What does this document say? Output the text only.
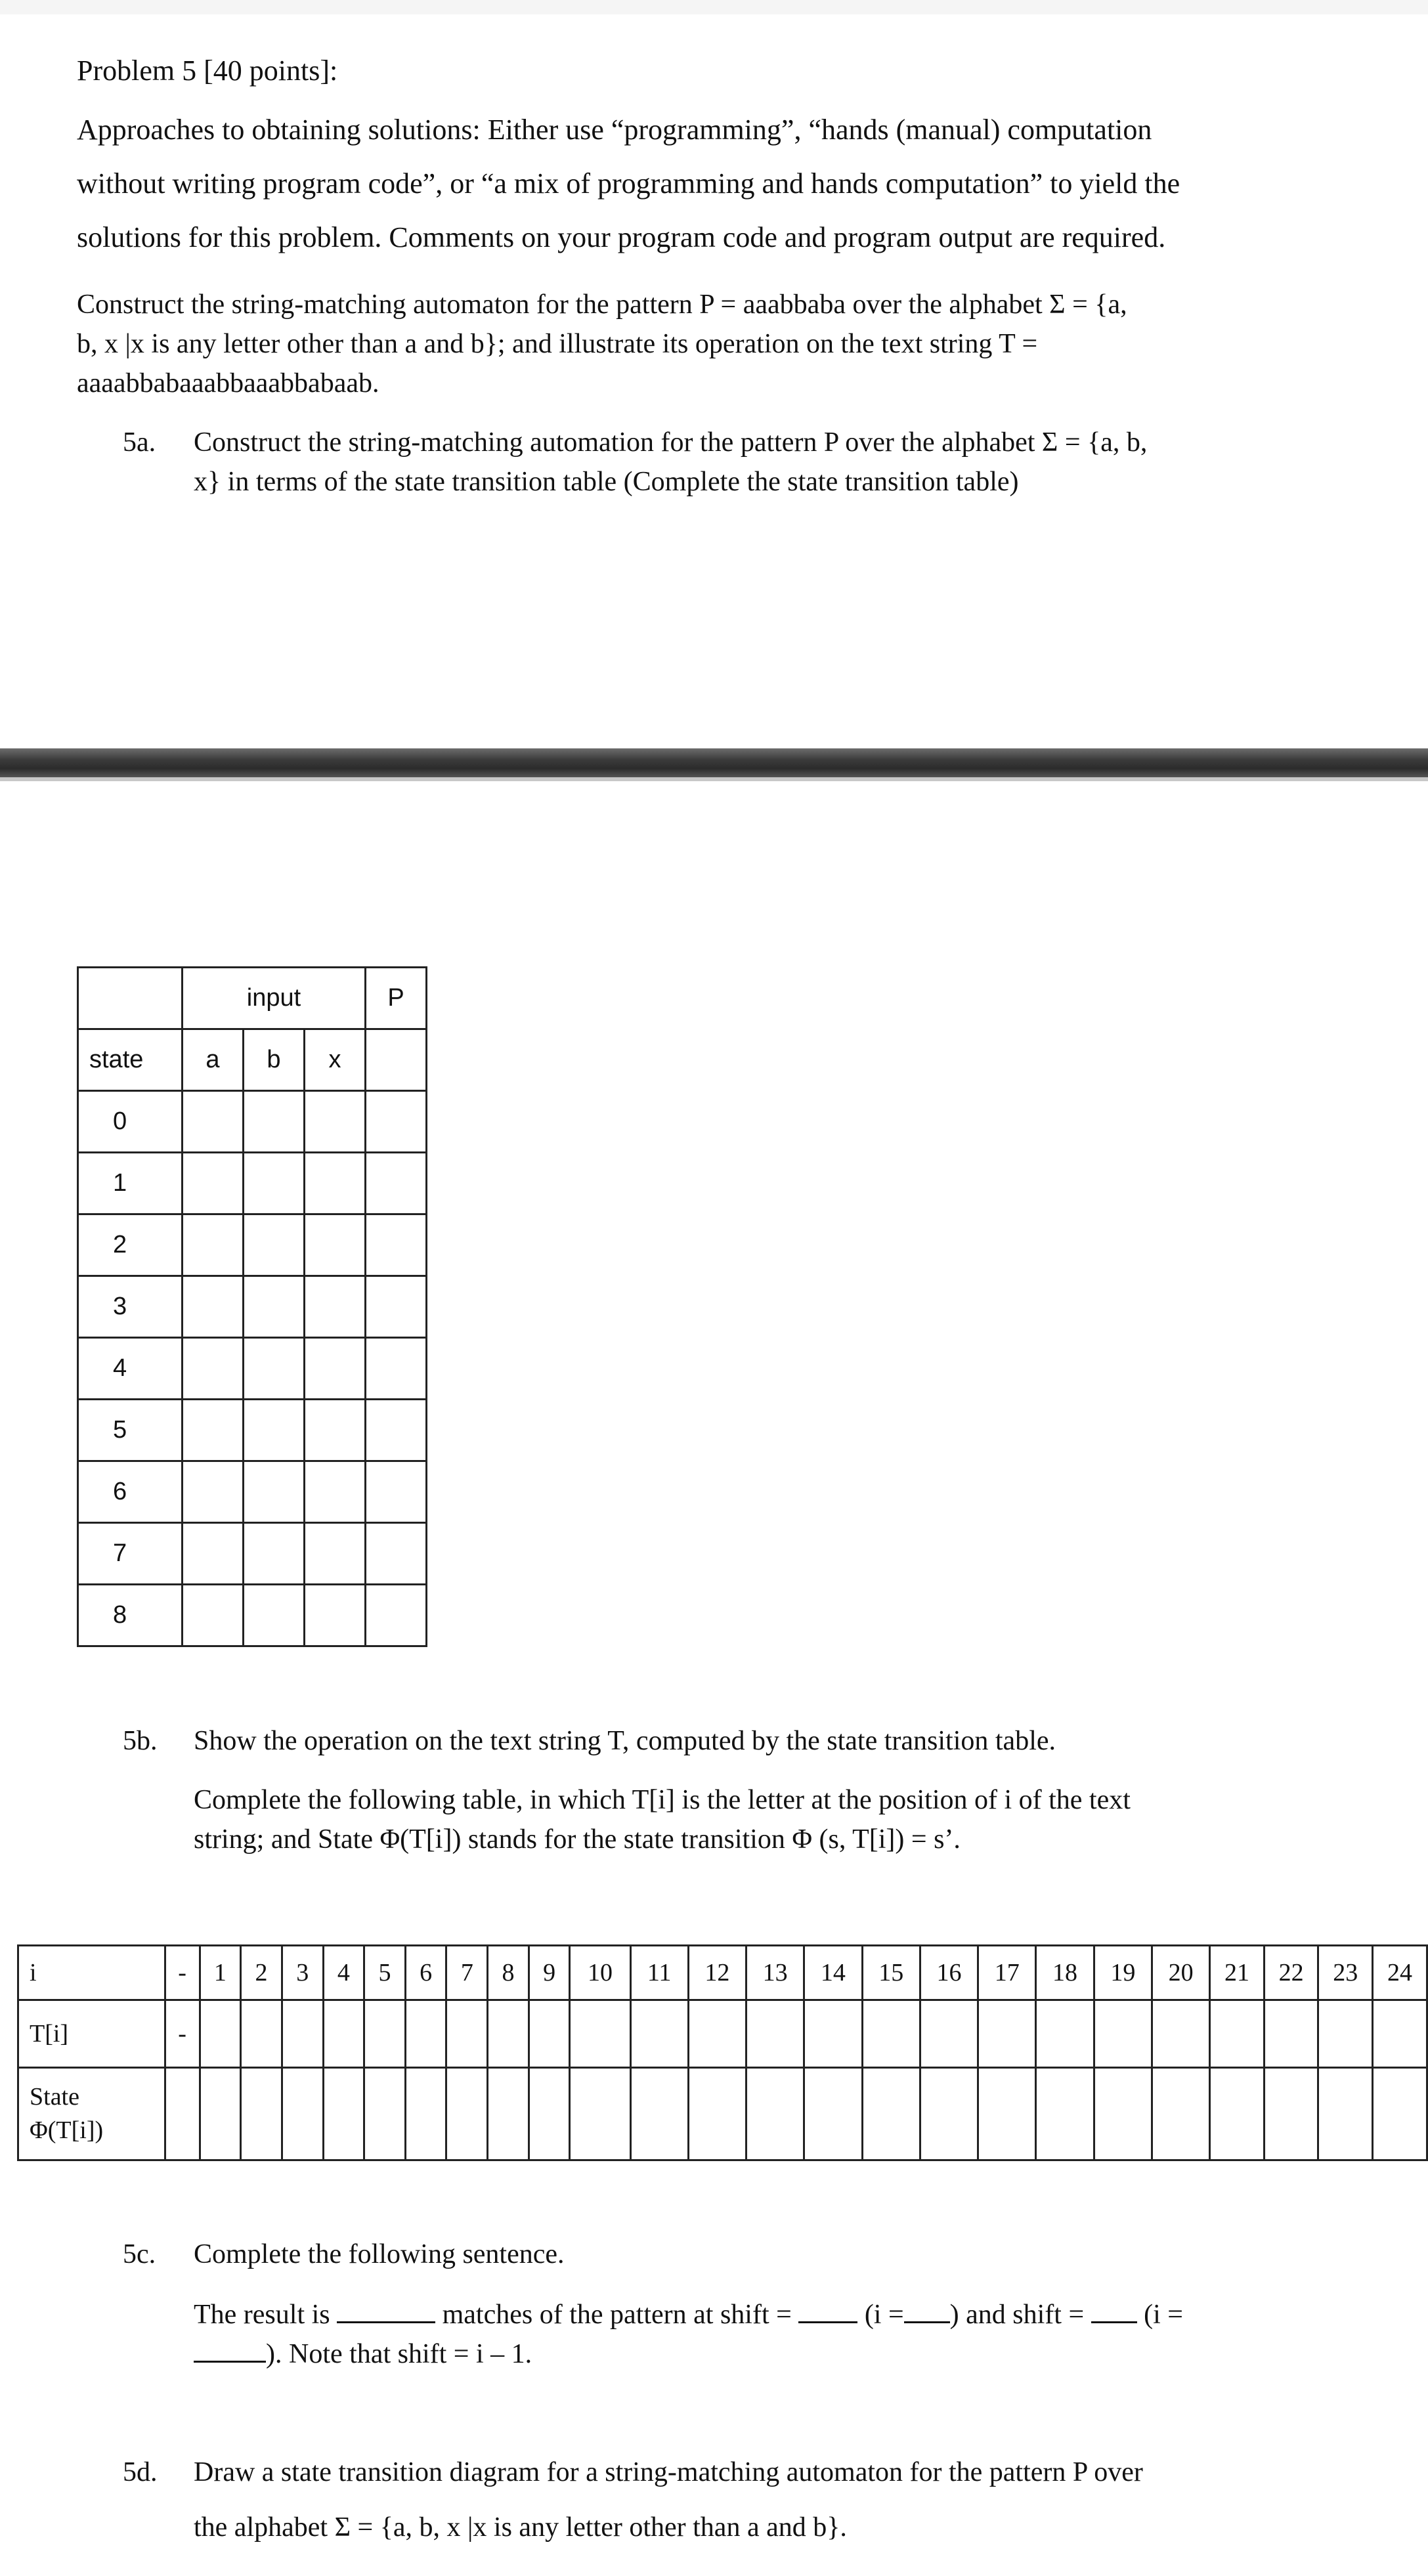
Problem 5 [40 points]:
Approaches to obtaining solutions: Either use “programming”, “hands (manual) computation
without writing program code”, or “a mix of programming and hands computation” to yield the
solutions for this problem. Comments on your program code and program output are required.
Construct the string-matching automaton for the pattern P = aaabbaba over the alphabet Σ = {a,
b, x |x is any letter other than a and b}; and illustrate its operation on the text string T =
aaaabbabaaabbaaabbabaab.
5a. Construct the string-matching automation for the pattern P over the alphabet Σ = {a, b,
x} in terms of the state transition table (Complete the state transition table)
	input			P
state	a	b	x	
0				
1				
2				
3				
4				
5				
6				
7				
8				
5b. Show the operation on the text string T, computed by the state transition table.
Complete the following table, in which T[i] is the letter at the position of i of the text
string; and State Φ(T[i]) stands for the state transition Φ (s, T[i]) = s’.
i	-	1	2	3	4	5	6	7	8	9	10	11	12	13	14	15	16	17	18	19	20	21	22	23	24
T[i]	-																								
State
Φ(T[i])																									
5c. Complete the following sentence.
The result is	matches of the pattern at shift =	(i = ) and shift = (i =
). Note that shift = i – 1.
5d. Draw a state transition diagram for a string-matching automaton for the pattern P over
the alphabet Σ = {a, b, x |x is any letter other than a and b}.
